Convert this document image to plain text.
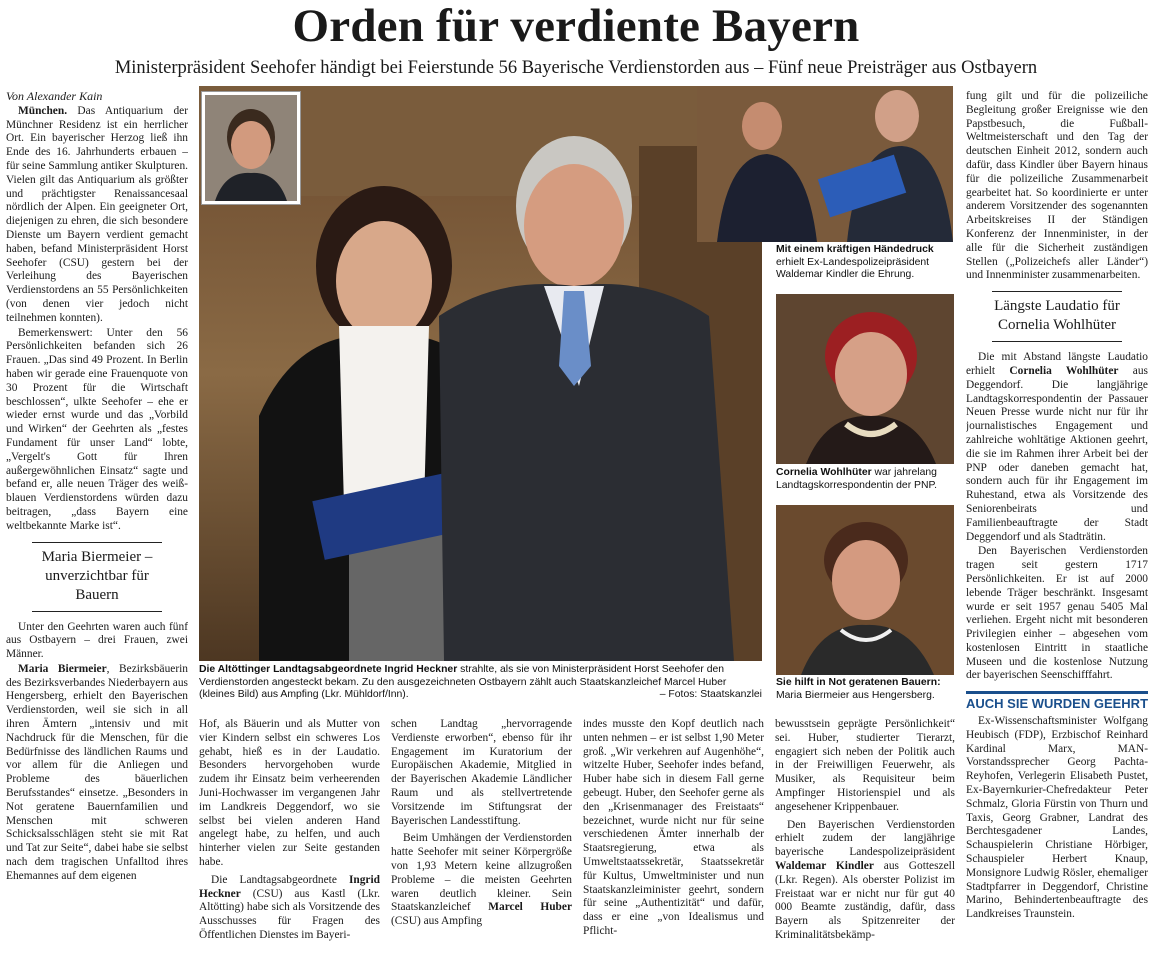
Orden für verdiente Bayern
Ministerpräsident Seehofer händigt bei Feierstunde 56 Bayerische Verdienstorden aus – Fünf neue Preisträger aus Ostbayern

Von Alexander Kain

München. Das Antiquarium der Münchner Residenz ist ein herrlicher Ort. Ein bayerischer Herzog ließ ihn Ende des 16. Jahrhunderts erbauen – für seine Sammlung antiker Skulpturen. Vielen gilt das Antiquarium als größter und prächtigster Renaissancesaal nördlich der Alpen. Ein geeigneter Ort, diejenigen zu ehren, die sich besondere Dienste um Bayern verdient gemacht haben, befand Ministerpräsident Horst Seehofer (CSU) gestern bei der Verleihung des Bayerischen Verdienstordens an 55 Persönlichkeiten (von denen vier jedoch nicht teilnehmen konnten).

Bemerkenswert: Unter den 56 Persönlichkeiten befanden sich 26 Frauen. „Das sind 49 Prozent. In Berlin haben wir gerade eine Frauenquote von 30 Prozent für die Wirtschaft beschlossen“, ulkte Seehofer – ehe er wieder ernst wurde und das „Vorbild und Wirken“ der Geehrten als „festes Fundament für unser Land“ lobte, „Vergelt's Gott für Ihren außergewöhnlichen Einsatz“ sagte und befand er, alle neuen Träger des weiß-blauen Verdienstordens würden dazu beitragen, „dass Bayern eine weltbekannte Marke ist“.

Maria Biermeier – unverzichtbar für Bauern

Unter den Geehrten waren auch fünf aus Ostbayern – drei Frauen, zwei Männer.

Maria Biermeier, Bezirksbäuerin des Bezirksverbandes Niederbayern aus Hengersberg, erhielt den Bayerischen Verdienstorden, weil sie sich in all ihren Ämtern „intensiv und mit Nachdruck für die Menschen, für die Bedürfnisse des ländlichen Raums und vor allem für die Anliegen und Probleme des bäuerlichen Berufsstandes“ einsetze. „Besonders in Not geratene Bauernfamilien und Menschen mit schweren Schicksalsschlägen steht sie mit Rat und Tat zur Seite“, dabei habe sie selbst nach dem tragischen Unfalltod ihres Ehemannes auf dem eigenen

Die Altöttinger Landtagsabgeordnete Ingrid Heckner strahlte, als sie von Ministerpräsident Horst Seehofer den Verdienstorden angesteckt bekam. Zu den ausgezeichneten Ostbayern zählt auch Staatskanzleichef Marcel Huber (kleines Bild) aus Ampfing (Lkr. Mühldorf/Inn).	– Fotos: Staatskanzlei
Mit einem kräftigen Händedruck erhielt Ex-Landespolizeipräsident Waldemar Kindler die Ehrung.
Cornelia Wohlhüter war jahrelang Landtagskorrespondentin der PNP.
Sie hilft in Not geratenen Bauern: Maria Biermeier aus Hengersberg.

Hof, als Bäuerin und als Mutter von vier Kindern selbst ein schweres Los gehabt, hieß es in der Laudatio. Besonders hervorgehoben wurde zudem ihr Einsatz beim verheerenden Juni-Hochwasser im vergangenen Jahr im Landkreis Deggendorf, wo sie selbst bei vielen anderen Hand angelegt habe, zu helfen, und auch hinterher vielen zur Seite gestanden habe.

Die Landtagsabgeordnete Ingrid Heckner (CSU) aus Kastl (Lkr. Altötting) habe sich als Vorsitzende des Ausschusses für Fragen des Öffentlichen Dienstes im Bayeri-

schen Landtag „hervorragende Verdienste erworben“, ebenso für ihr Engagement im Kuratorium der Europäischen Akademie, Mitglied in der Bayerischen Akademie Ländlicher Raum und als stellvertretende Vorsitzende im Stiftungsrat der Bayerischen Landesstiftung.

Beim Umhängen der Verdienstorden hatte Seehofer mit seiner Körpergröße von 1,93 Metern keine allzugroßen Probleme – die meisten Geehrten waren deutlich kleiner. Sein Staatskanzleichef Marcel Huber (CSU) aus Ampfing

indes musste den Kopf deutlich nach unten nehmen – er ist selbst 1,90 Meter groß. „Wir verkehren auf Augenhöhe“, witzelte Huber, Seehofer indes befand, Huber habe sich in diesem Fall gerne gebeugt. Huber, den Seehofer gerne als den „Krisenmanager des Freistaats“ bezeichnet, wurde nicht nur für seine verschiedenen Ämter innerhalb der Staatsregierung, etwa als Umweltstaatssekretär, Staatssekretär für Kultus, Umweltminister und nun Staatskanzleiminister geehrt, sondern für seine „Authentizität“ und dafür, dass er eine „von Idealismus und Pflicht-

bewusstsein geprägte Persönlichkeit“ sei. Huber, studierter Tierarzt, engagiert sich neben der Politik auch in der Freiwilligen Feuerwehr, als Musiker, als Requisiteur beim Ampfinger Historienspiel und als angesehener Krippenbauer.

Den Bayerischen Verdienstorden erhielt zudem der langjährige bayerische Landespolizeipräsident Waldemar Kindler aus Gotteszell (Lkr. Regen). Als oberster Polizist im Freistaat war er nicht nur für gut 40 000 Beamte zuständig, dafür, dass Bayern als Spitzenreiter der Kriminalitätsbekämp-

fung gilt und für die polizeiliche Begleitung großer Ereignisse wie den Papstbesuch, die Fußball-Weltmeisterschaft und den Tag der deutschen Einheit 2012, sondern auch dafür, dass Kindler über Bayern hinaus für die polizeiliche Zusammenarbeit gearbeitet hat. So koordinierte er unter anderem Vorsitzender des sogenannten Arbeitskreises II der Ständigen Konferenz der Innenminister, in der alle für die Sicherheit zuständigen Stellen („Polizeichefs aller Länder“) und Innenminister zusammenarbeiten.

Längste Laudatio für Cornelia Wohlhüter

Die mit Abstand längste Laudatio erhielt Cornelia Wohlhüter aus Deggendorf. Die langjährige Landtagskorrespondentin der Passauer Neuen Presse wurde nicht nur für ihr journalistisches Engagement und zahlreiche wohltätige Aktionen geehrt, die sie im Rahmen ihrer Arbeit bei der PNP oder daneben gemacht hat, sondern auch für ihr Engagement im Ruhestand, etwa als Vorsitzende des Seniorenbeirats und Familienbeauftragte der Stadt Deggendorf und als Stadträtin.

Den Bayerischen Verdienstorden tragen seit gestern 1717 Persönlichkeiten. Er ist auf 2000 lebende Träger beschränkt. Insgesamt wurde er seit 1957 genau 5405 Mal verliehen. Ergeht nicht mit besonderen Privilegien einher – abgesehen vom kostenlosen Eintritt in staatliche Museen und die kostenlose Nutzung der bayerischen Seenschifffahrt.

AUCH SIE WURDEN GEEHRT

Ex-Wissenschaftsminister Wolfgang Heubisch (FDP), Erzbischof Reinhard Kardinal Marx, MAN-Vorstandssprecher Georg Pachta-Reyhofen, Verlegerin Elisabeth Pustet, Ex-Bayernkurier-Chefredakteur Peter Schmalz, Gloria Fürstin von Thurn und Taxis, Georg Grabner, Landrat des Berchtesgadener Landes, Schauspielerin Christiane Hörbiger, Schauspieler Herbert Knaup, Monsignore Ludwig Rösler, ehemaliger Stadtpfarrer in Deggendorf, Christine Marino, Behindertenbeauftragte des Landkreises Traunstein.
